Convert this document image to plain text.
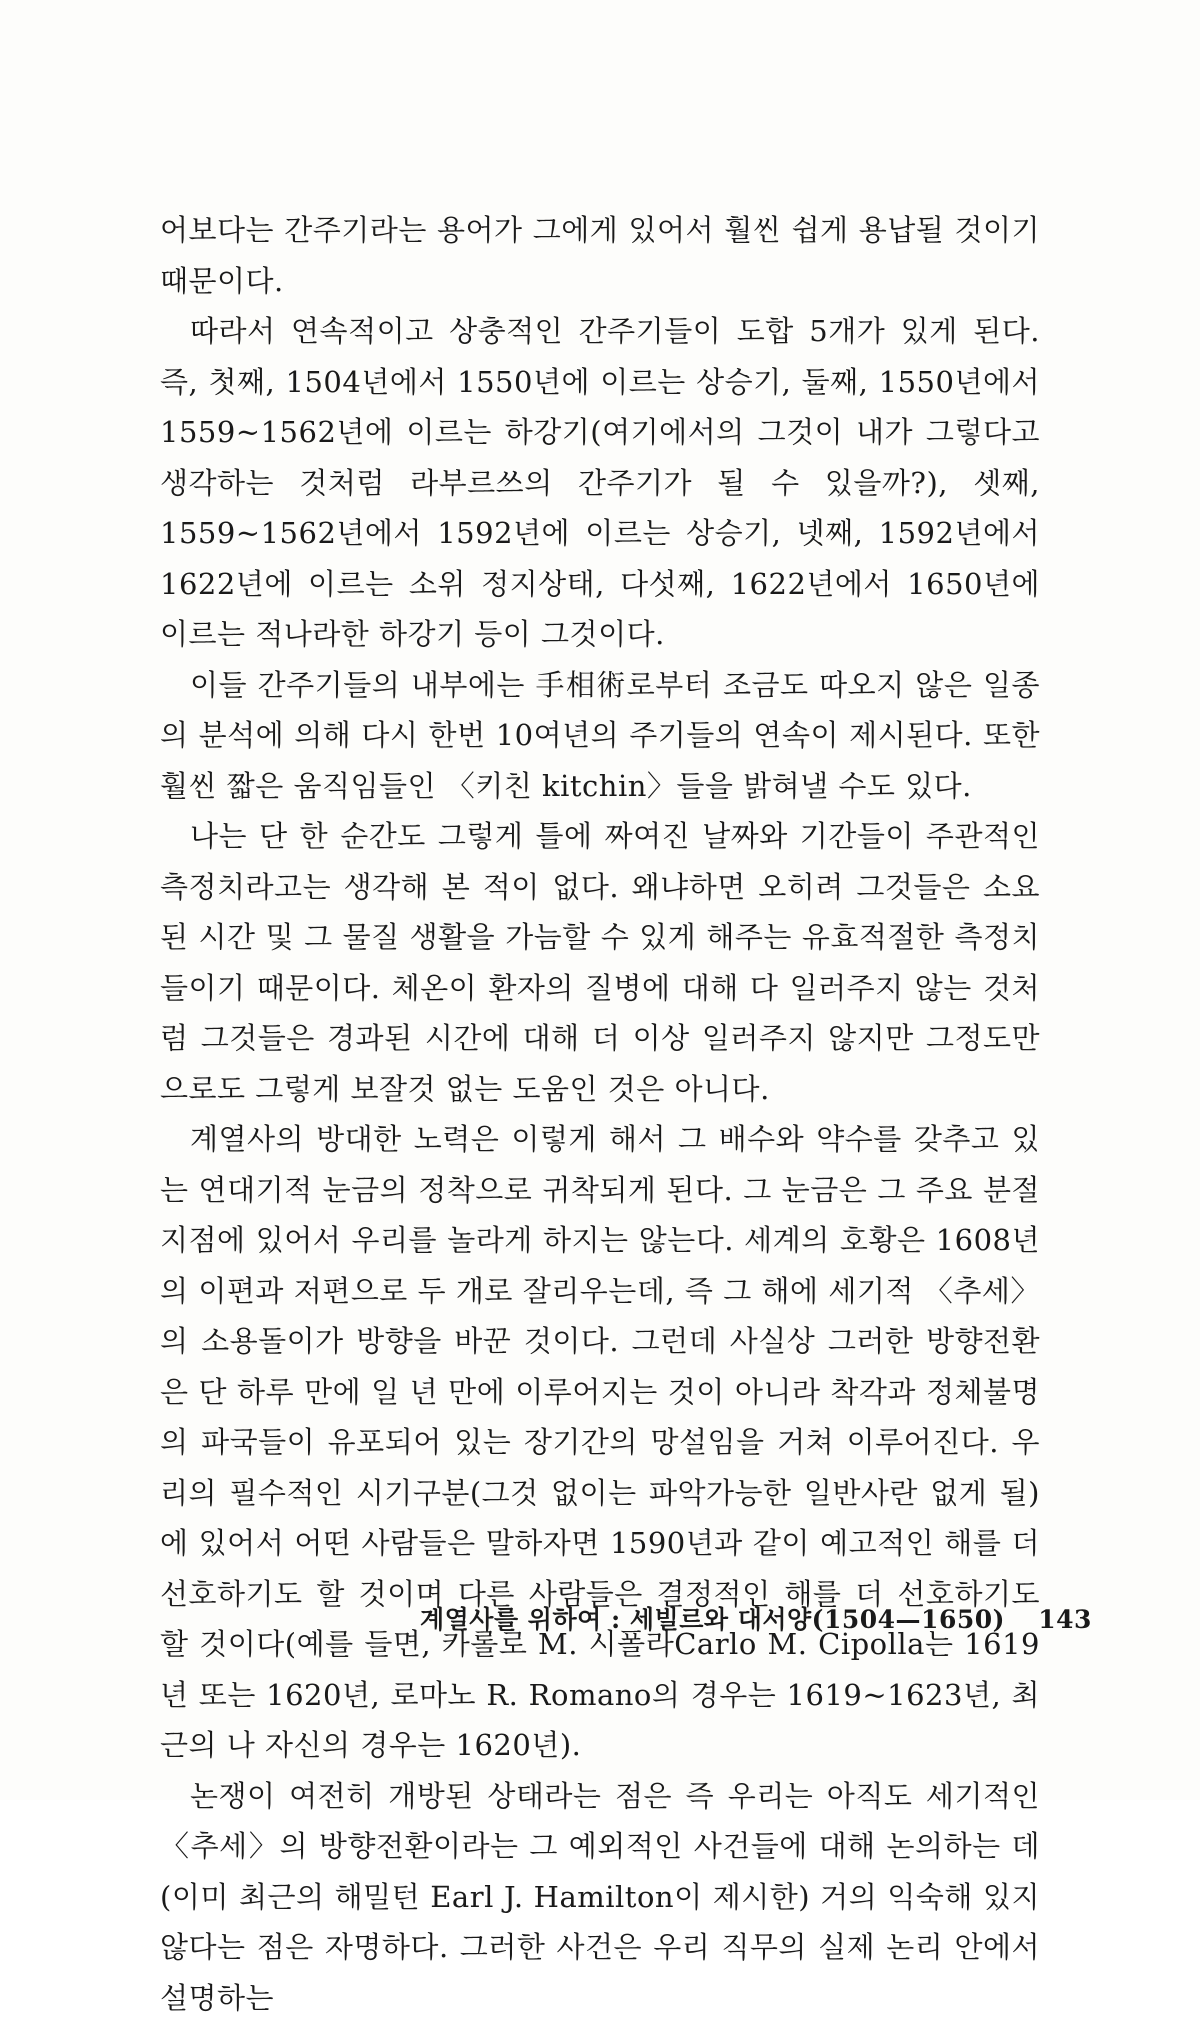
어보다는 간주기라는 용어가 그에게 있어서 훨씬 쉽게 용납될 것이기 때문이다.

따라서 연속적이고 상충적인 간주기들이 도합 5개가 있게 된다. 즉, 첫째, 1504년에서 1550년에 이르는 상승기, 둘째, 1550년에서 1559~1562년에 이르는 하강기(여기에서의 그것이 내가 그렇다고 생각하는 것처럼 라부르쓰의 간주기가 될 수 있을까?), 셋째, 1559~1562년에서 1592년에 이르는 상승기, 넷째, 1592년에서 1622년에 이르는 소위 정지상태, 다섯째, 1622년에서 1650년에 이르는 적나라한 하강기 등이 그것이다.

이들 간주기들의 내부에는 手相術로부터 조금도 따오지 않은 일종의 분석에 의해 다시 한번 10여년의 주기들의 연속이 제시된다. 또한 훨씬 짧은 움직임들인 〈키친 kitchin〉들을 밝혀낼 수도 있다.

나는 단 한 순간도 그렇게 틀에 짜여진 날짜와 기간들이 주관적인 측정치라고는 생각해 본 적이 없다. 왜냐하면 오히려 그것들은 소요된 시간 및 그 물질 생활을 가늠할 수 있게 해주는 유효적절한 측정치들이기 때문이다. 체온이 환자의 질병에 대해 다 일러주지 않는 것처럼 그것들은 경과된 시간에 대해 더 이상 일러주지 않지만 그정도만으로도 그렇게 보잘것 없는 도움인 것은 아니다.

계열사의 방대한 노력은 이렇게 해서 그 배수와 약수를 갖추고 있는 연대기적 눈금의 정착으로 귀착되게 된다. 그 눈금은 그 주요 분절 지점에 있어서 우리를 놀라게 하지는 않는다. 세계의 호황은 1608년의 이편과 저편으로 두 개로 잘리우는데, 즉 그 해에 세기적 〈추세〉의 소용돌이가 방향을 바꾼 것이다. 그런데 사실상 그러한 방향전환은 단 하루 만에 일 년 만에 이루어지는 것이 아니라 착각과 정체불명의 파국들이 유포되어 있는 장기간의 망설임을 거쳐 이루어진다. 우리의 필수적인 시기구분(그것 없이는 파악가능한 일반사란 없게 될)에 있어서 어떤 사람들은 말하자면 1590년과 같이 예고적인 해를 더 선호하기도 할 것이며 다른 사람들은 결정적인 해를 더 선호하기도 할 것이다(예를 들면, 카롤로 M. 시폴라Carlo M. Cipolla는 1619년 또는 1620년, 로마노 R. Romano의 경우는 1619~1623년, 최근의 나 자신의 경우는 1620년).

논쟁이 여전히 개방된 상태라는 점은 즉 우리는 아직도 세기적인 〈추세〉의 방향전환이라는 그 예외적인 사건들에 대해 논의하는 데(이미 최근의 해밀턴 Earl J. Hamilton이 제시한) 거의 익숙해 있지 않다는 점은 자명하다. 그러한 사건은 우리 직무의 실제 논리 안에서 설명하는

계열사를 위하여 : 세빌르와 대서양(1504—1650) 143
